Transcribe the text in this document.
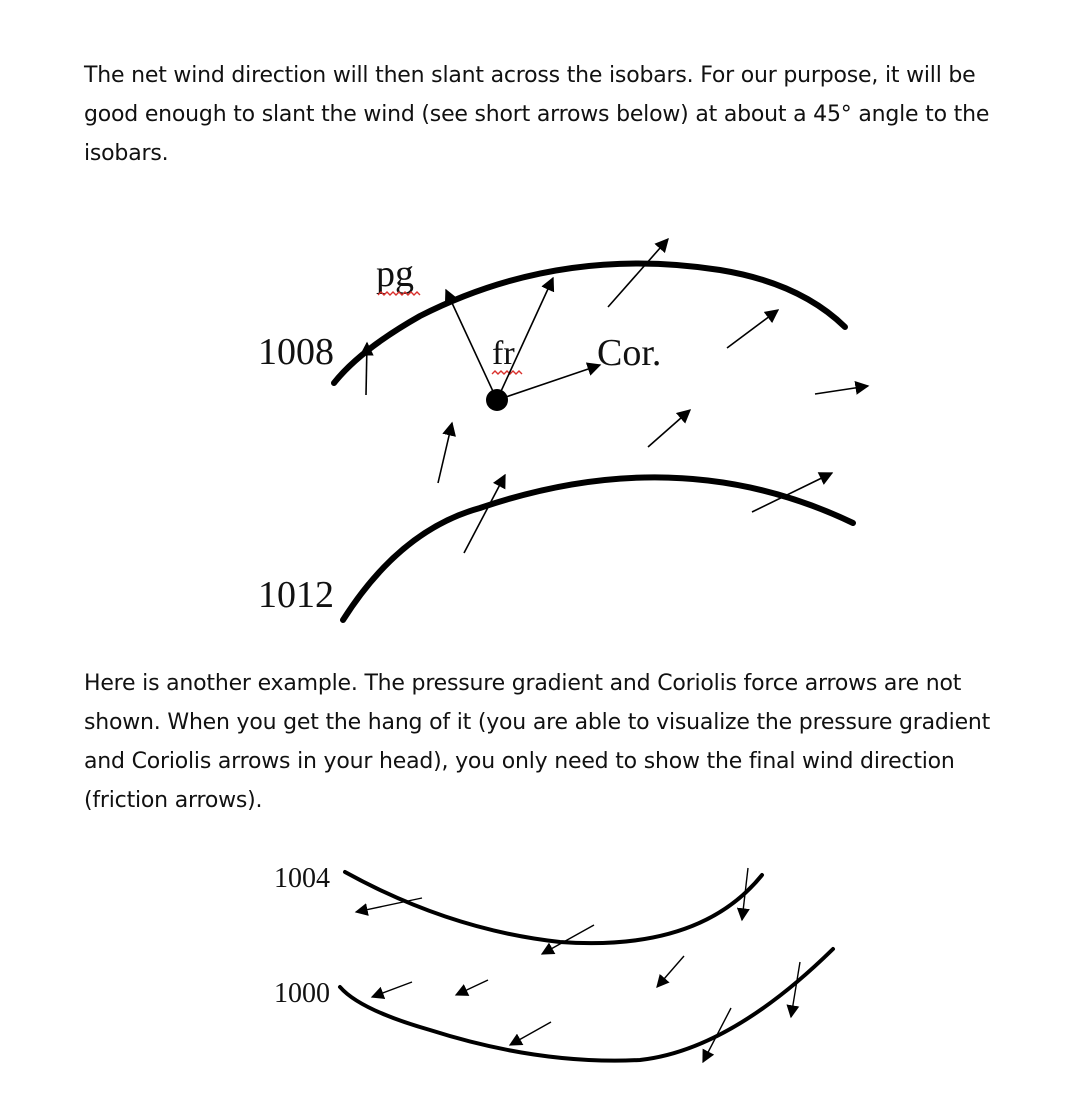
The net wind direction will then slant across the isobars. For our purpose, it will be good enough to slant the wind (see short arrows below) at about a 45° angle to the isobars.

1008
1012
pg
fr Cor.

Here is another example. The pressure gradient and Coriolis force arrows are not shown. When you get the hang of it (you are able to visualize the pressure gradient and Coriolis arrows in your head), you only need to show the final wind direction (friction arrows).

1004
1000
